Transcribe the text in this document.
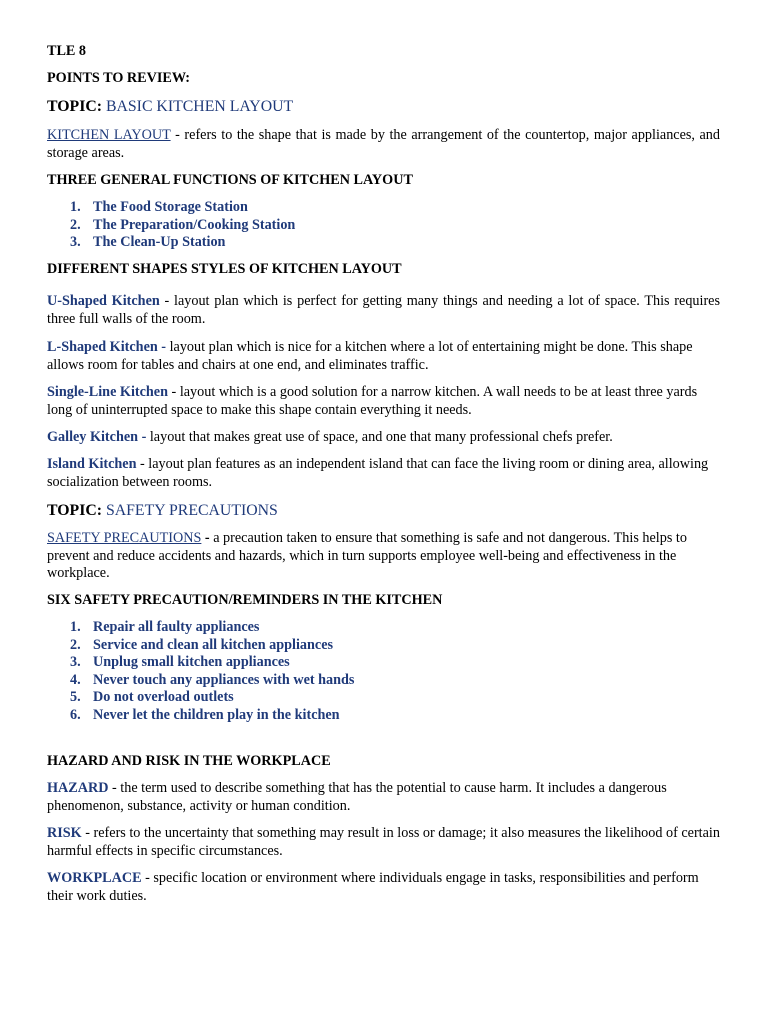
TLE 8

POINTS TO REVIEW:

TOPIC: BASIC KITCHEN LAYOUT

KITCHEN LAYOUT - refers to the shape that is made by the arrangement of the countertop, major appliances, and storage areas.

THREE GENERAL FUNCTIONS OF KITCHEN LAYOUT

1. The Food Storage Station
2. The Preparation/Cooking Station
3. The Clean-Up Station

DIFFERENT SHAPES STYLES OF KITCHEN LAYOUT

U-Shaped Kitchen - layout plan which is perfect for getting many things and needing a lot of space. This requires three full walls of the room.

L-Shaped Kitchen - layout plan which is nice for a kitchen where a lot of entertaining might be done. This shape allows room for tables and chairs at one end, and eliminates traffic.

Single-Line Kitchen - layout which is a good solution for a narrow kitchen. A wall needs to be at least three yards long of uninterrupted space to make this shape contain everything it needs.

Galley Kitchen - layout that makes great use of space, and one that many professional chefs prefer.

Island Kitchen - layout plan features as an independent island that can face the living room or dining area, allowing socialization between rooms.

TOPIC: SAFETY PRECAUTIONS

SAFETY PRECAUTIONS - a precaution taken to ensure that something is safe and not dangerous. This helps to prevent and reduce accidents and hazards, which in turn supports employee well-being and effectiveness in the workplace.

SIX SAFETY PRECAUTION/REMINDERS IN THE KITCHEN

1. Repair all faulty appliances
2. Service and clean all kitchen appliances
3. Unplug small kitchen appliances
4. Never touch any appliances with wet hands
5. Do not overload outlets
6. Never let the children play in the kitchen

HAZARD AND RISK IN THE WORKPLACE

HAZARD - the term used to describe something that has the potential to cause harm. It includes a dangerous phenomenon, substance, activity or human condition.

RISK - refers to the uncertainty that something may result in loss or damage; it also measures the likelihood of certain harmful effects in specific circumstances.

WORKPLACE - specific location or environment where individuals engage in tasks, responsibilities and perform their work duties.
